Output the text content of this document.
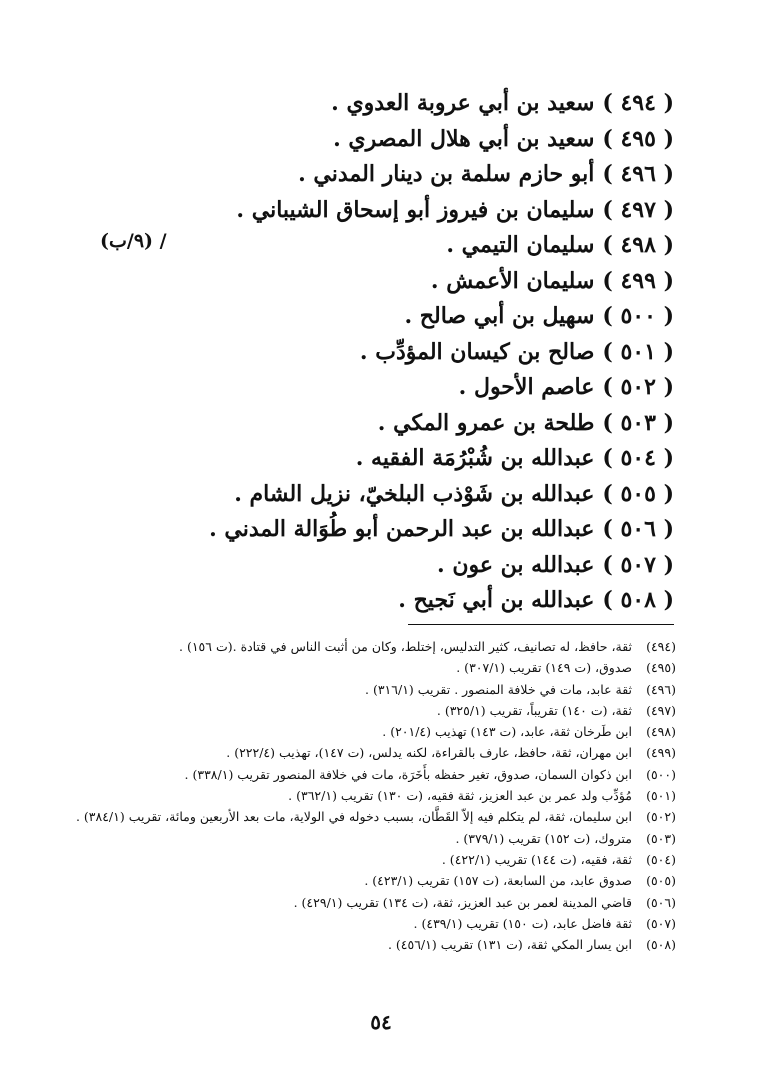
( ٤٩٤ )سعيد بن أبي عروبة العدوي .
( ٤٩٥ )سعيد بن أبي هلال المصري .
( ٤٩٦ )أبو حازم سلمة بن دينار المدني .
( ٤٩٧ )سليمان بن فيروز أبو إسحاق الشيباني .
( ٤٩٨ )سليمان التيمي .
( ٤٩٩ )سليمان الأعمش .
( ٥٠٠ )سهيل بن أبي صالح .
( ٥٠١ )صالح بن كيسان المؤدِّب .
( ٥٠٢ )عاصم الأحول .
( ٥٠٣ )طلحة بن عمرو المكي .
( ٥٠٤ )عبدالله بن شُبْرُمَة الفقيه .
( ٥٠٥ )عبدالله بن شَوْذب البلخيّ، نزيل الشام .
( ٥٠٦ )عبدالله بن عبد الرحمن أبو طُوَالة المدني .
( ٥٠٧ )عبدالله بن عون .
( ٥٠٨ )عبدالله بن أبي نَجيح .
/ (٩/ب)
(٤٩٤)
ثقة، حافظ، له تصانيف، كثير التدليس، إختلط، وكان من أثبت الناس في قتادة .(ت ١٥٦) .
(٤٩٥)
صدوق، (ت ١٤٩) تقريب (٣٠٧/١) .
(٤٩٦)
ثقة عابد، مات في خلافة المنصور . تقريب (٣١٦/١) .
(٤٩٧)
ثقة، (ت ١٤٠) تقريباً، تقريب (٣٢٥/١) .
(٤٩٨)
ابن طَرخان ثقة، عابد، (ت ١٤٣) تهذيب (٢٠١/٤) .
(٤٩٩)
ابن مهران، ثقة، حافظ، عارف بالقراءة، لكنه يدلس، (ت ١٤٧)، تهذيب (٢٢٢/٤) .
(٥٠٠)
ابن ذكوان السمان، صدوق، تغير حفظه بأَخَرَة، مات في خلافة المنصور تقريب (٣٣٨/١) .
(٥٠١)
مُؤدِّب ولد عمر بن عبد العزيز، ثقة فقيه، (ت ١٣٠) تقريب (٣٦٢/١) .
(٥٠٢)
ابن سليمان، ثقة، لم يتكلم فيه إلاّ القَطَّان، بسبب دخوله في الولاية، مات بعد الأربعين ومائة، تقريب (٣٨٤/١) .
(٥٠٣)
متروك، (ت ١٥٢) تقريب (٣٧٩/١) .
(٥٠٤)
ثقة، فقيه، (ت ١٤٤) تقريب (٤٢٢/١) .
(٥٠٥)
صدوق عابد، من السابعة، (ت ١٥٧) تقريب (٤٢٣/١) .
(٥٠٦)
قاضي المدينة لعمر بن عبد العزيز، ثقة، (ت ١٣٤) تقريب (٤٢٩/١) .
(٥٠٧)
ثقة فاضل عابد، (ت ١٥٠) تقريب (٤٣٩/١) .
(٥٠٨)
ابن يسار المكي ثقة، (ت ١٣١) تقريب (٤٥٦/١) .
٥٤
